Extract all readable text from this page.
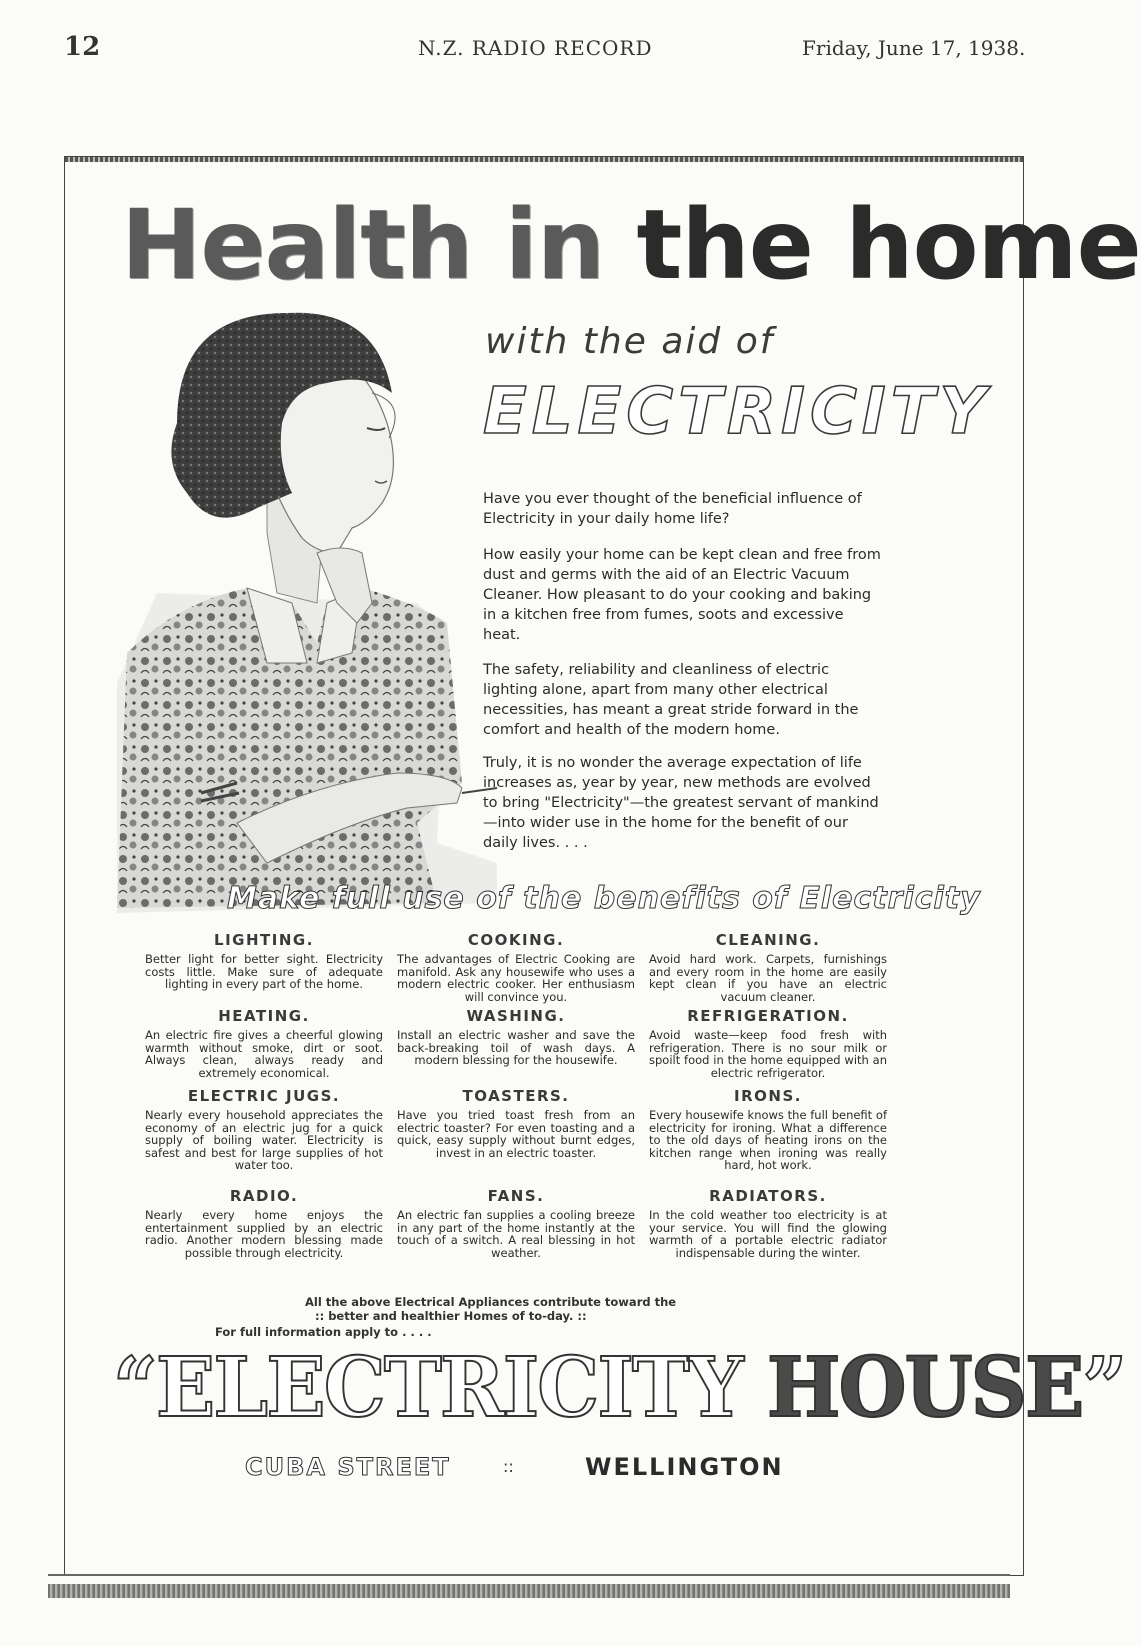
12	N.Z. RADIO RECORD	Friday, June 17, 1938.
Health in the home
with the aid of
ELECTRICITY

Have you ever thought of the beneficial influence of Electricity in your daily home life?

How easily your home can be kept clean and free from dust and germs with the aid of an Electric Vacuum Cleaner. How pleasant to do your cooking and baking in a kitchen free from fumes, soots and excessive heat.

The safety, reliability and cleanliness of electric lighting alone, apart from many other electrical necessities, has meant a great stride forward in the comfort and health of the modern home.

Truly, it is no wonder the average expectation of life increases as, year by year, new methods are evolved to bring "Electricity"—the greatest servant of mankind—into wider use in the home for the benefit of our daily lives. . . .

Make full use of the benefits of Electricity
LIGHTING.
Better light for better sight. Electricity costs little. Make sure of adequate lighting in every part of the home.
COOKING.
The advantages of Electric Cooking are manifold. Ask any housewife who uses a modern electric cooker. Her enthusiasm will convince you.
CLEANING.
Avoid hard work. Carpets, furnishings and every room in the home are easily kept clean if you have an electric vacuum cleaner.
HEATING.
An electric fire gives a cheerful glowing warmth without smoke, dirt or soot. Always clean, always ready and extremely economical.
WASHING.
Install an electric washer and save the back-breaking toil of wash days. A modern blessing for the housewife.
REFRIGERATION.
Avoid waste—keep food fresh with refrigeration. There is no sour milk or spoilt food in the home equipped with an electric refrigerator.
ELECTRIC JUGS.
Nearly every household appreciates the economy of an electric jug for a quick supply of boiling water. Electricity is safest and best for large supplies of hot water too.
TOASTERS.
Have you tried toast fresh from an electric toaster? For even toasting and a quick, easy supply without burnt edges, invest in an electric toaster.
IRONS.
Every housewife knows the full benefit of electricity for ironing. What a difference to the old days of heating irons on the kitchen range when ironing was really hard, hot work.
RADIO.
Nearly every home enjoys the entertainment supplied by an electric radio. Another modern blessing made possible through electricity.
FANS.
An electric fan supplies a cooling breeze in any part of the home instantly at the touch of a switch. A real blessing in hot weather.
RADIATORS.
In the cold weather too electricity is at your service. You will find the glowing warmth of a portable electric radiator indispensable during the winter.
All the above Electrical Appliances contribute toward the
:: better and healthier Homes of to-day. ::
For full information apply to . . . .
“ELECTRICITY HOUSE”
CUBA STREET	::	WELLINGTON
